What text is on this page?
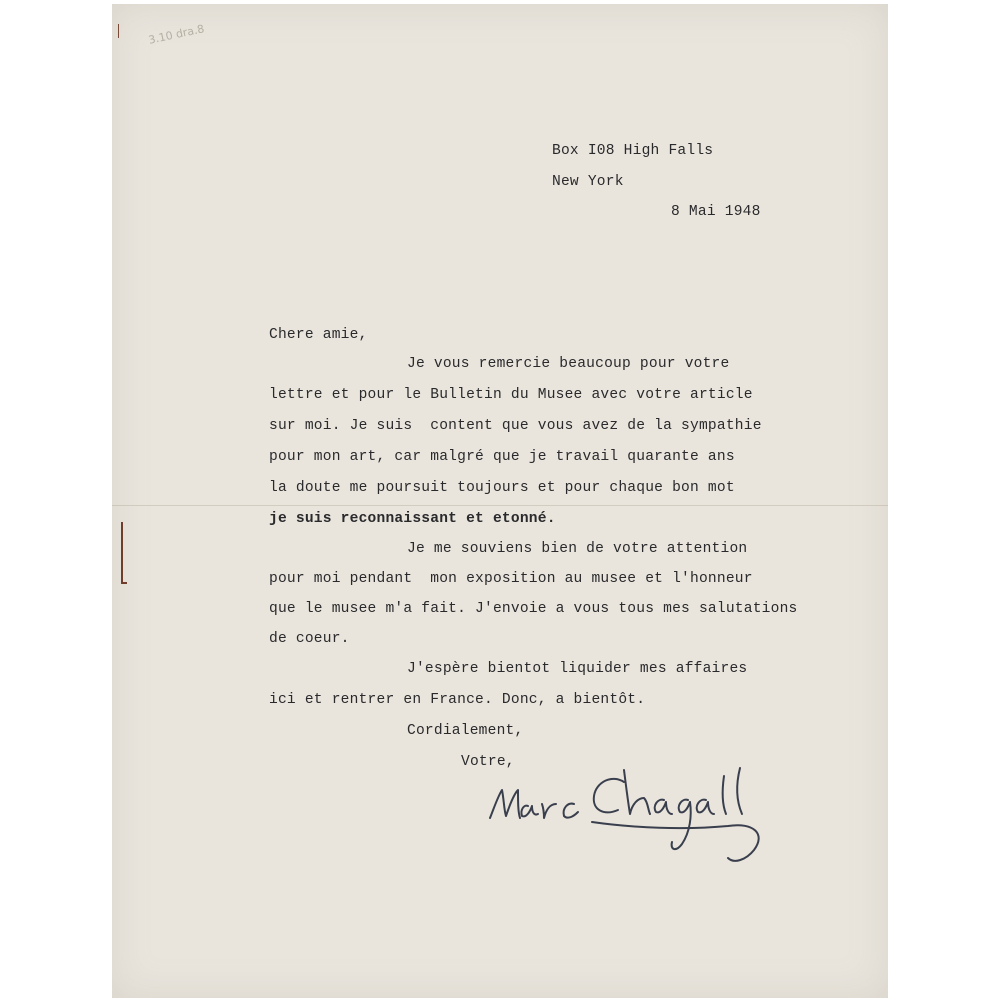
3.10 dra.8

Box I08 High Falls

New York

8 Mai 1948

Chere amie,

Je vous remercie beaucoup pour votre

lettre et pour le Bulletin du Musee avec votre article

sur moi. Je suis  content que vous avez de la sympathie

pour mon art, car malgré que je travail quarante ans

la doute me poursuit toujours et pour chaque bon mot

je suis reconnaissant et etonné.

Je me souviens bien de votre attention

pour moi pendant  mon exposition au musee et l'honneur

que le musee m'a fait. J'envoie a vous tous mes salutations

de coeur.

J'espère bientot liquider mes affaires

ici et rentrer en France. Donc, a bientôt.

Cordialement,

Votre,

Marc Chagall
